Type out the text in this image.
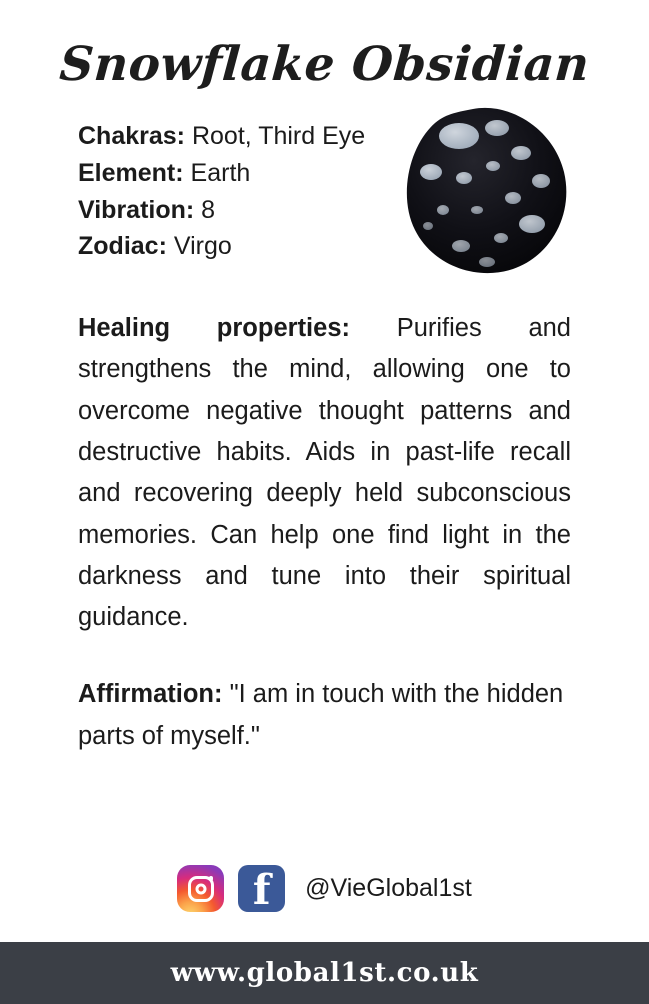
Snowflake Obsidian
Chakras: Root, Third Eye
Element: Earth
Vibration: 8
Zodiac: Virgo

Healing properties: Purifies and strengthens the mind, allowing one to overcome negative thought patterns and destructive habits. Aids in past-life recall and recovering deeply held subconscious memories. Can help one find light in the darkness and tune into their spiritual guidance.

Affirmation: "I am in touch with the hidden parts of myself."

f	@VieGlobal1st
www.global1st.co.uk
